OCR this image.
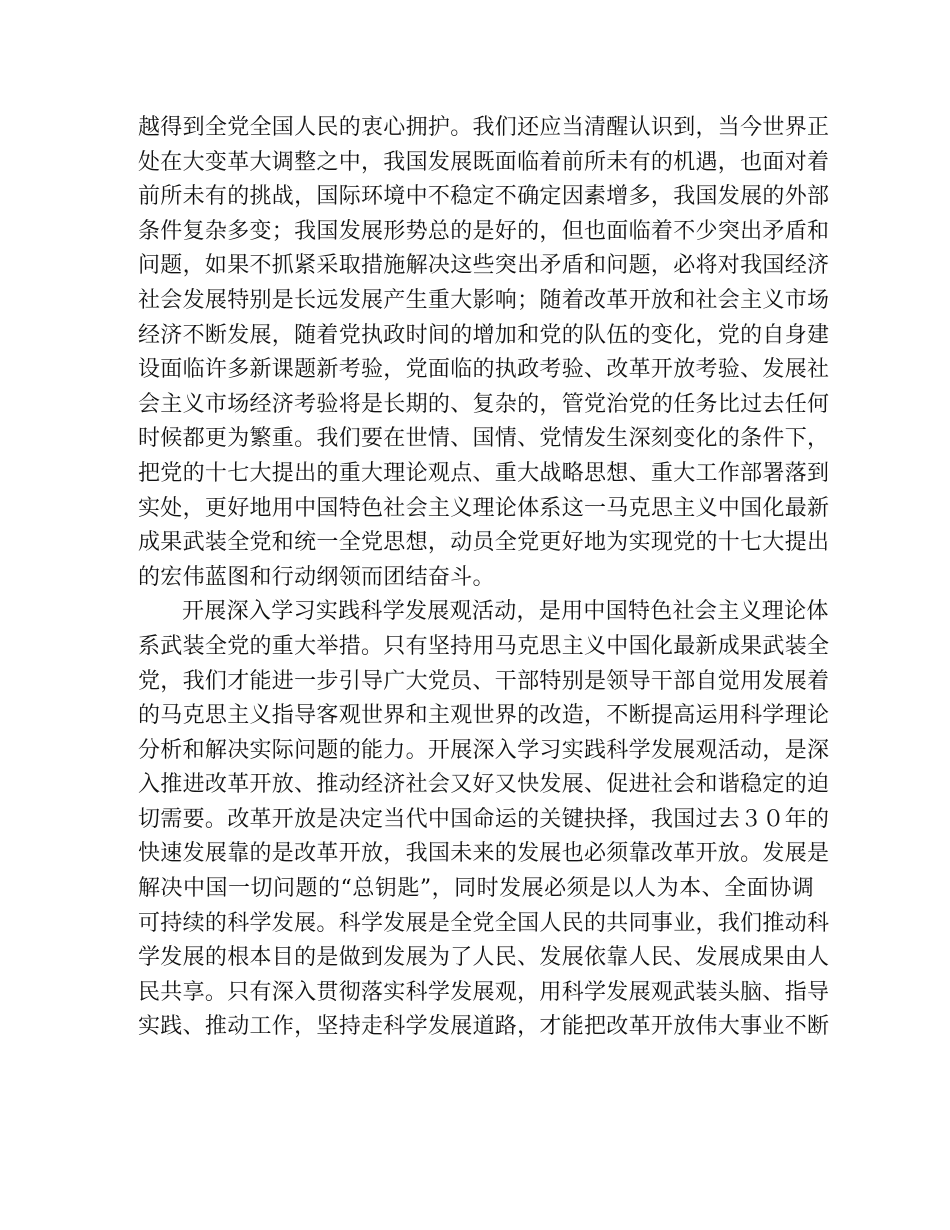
越得到全党全国人民的衷心拥护。我们还应当清醒认识到，当今世界正
处在大变革大调整之中，我国发展既面临着前所未有的机遇，也面对着
前所未有的挑战，国际环境中不稳定不确定因素增多，我国发展的外部
条件复杂多变；我国发展形势总的是好的，但也面临着不少突出矛盾和
问题，如果不抓紧采取措施解决这些突出矛盾和问题，必将对我国经济
社会发展特别是长远发展产生重大影响；随着改革开放和社会主义市场
经济不断发展，随着党执政时间的增加和党的队伍的变化，党的自身建
设面临许多新课题新考验，党面临的执政考验、改革开放考验、发展社
会主义市场经济考验将是长期的、复杂的，管党治党的任务比过去任何
时候都更为繁重。我们要在世情、国情、党情发生深刻变化的条件下，
把党的十七大提出的重大理论观点、重大战略思想、重大工作部署落到
实处，更好地用中国特色社会主义理论体系这一马克思主义中国化最新
成果武装全党和统一全党思想，动员全党更好地为实现党的十七大提出
的宏伟蓝图和行动纲领而团结奋斗。
开展深入学习实践科学发展观活动，是用中国特色社会主义理论体
系武装全党的重大举措。只有坚持用马克思主义中国化最新成果武装全
党，我们才能进一步引导广大党员、干部特别是领导干部自觉用发展着
的马克思主义指导客观世界和主观世界的改造，不断提高运用科学理论
分析和解决实际问题的能力。开展深入学习实践科学发展观活动，是深
入推进改革开放、推动经济社会又好又快发展、促进社会和谐稳定的迫
切需要。改革开放是决定当代中国命运的关键抉择，我国过去３０年的
快速发展靠的是改革开放，我国未来的发展也必须靠改革开放。发展是
解决中国一切问题的“总钥匙”，同时发展必须是以人为本、全面协调
可持续的科学发展。科学发展是全党全国人民的共同事业，我们推动科
学发展的根本目的是做到发展为了人民、发展依靠人民、发展成果由人
民共享。只有深入贯彻落实科学发展观，用科学发展观武装头脑、指导
实践、推动工作，坚持走科学发展道路，才能把改革开放伟大事业不断
